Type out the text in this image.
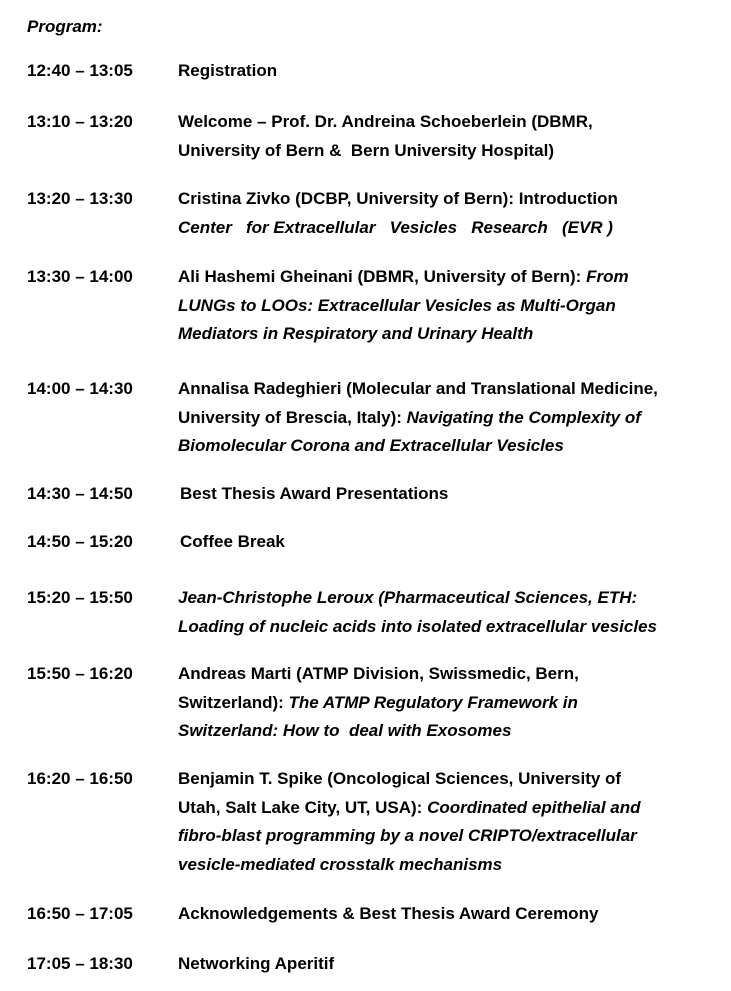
Program:
12:40 – 13:05	Registration
13:10 – 13:20	Welcome – Prof. Dr. Andreina Schoeberlein (DBMR,
University of Bern &  Bern University Hospital)
13:20 – 13:30	Cristina Zivko (DCBP, University of Bern): Introduction
Center   for Extracellular   Vesicles   Research   (EVR )
13:30 – 14:00	Ali Hashemi Gheinani (DBMR, University of Bern): From
LUNGs to LOOs: Extracellular Vesicles as Multi-Organ
Mediators in Respiratory and Urinary Health
14:00 – 14:30	Annalisa Radeghieri (Molecular and Translational Medicine,
University of Brescia, Italy): Navigating the Complexity of
Biomolecular Corona and Extracellular Vesicles
14:30 – 14:50	Best Thesis Award Presentations
14:50 – 15:20	Coffee Break
15:20 – 15:50	Jean-Christophe Leroux (Pharmaceutical Sciences, ETH:
Loading of nucleic acids into isolated extracellular vesicles
15:50 – 16:20	Andreas Marti (ATMP Division, Swissmedic, Bern,
Switzerland): The ATMP Regulatory Framework in
Switzerland: How to  deal with Exosomes
16:20 – 16:50	Benjamin T. Spike (Oncological Sciences, University of
Utah, Salt Lake City, UT, USA): Coordinated epithelial and
fibro-blast programming by a novel CRIPTO/extracellular
vesicle-mediated crosstalk mechanisms
16:50 – 17:05	Acknowledgements & Best Thesis Award Ceremony
17:05 – 18:30	Networking Aperitif
